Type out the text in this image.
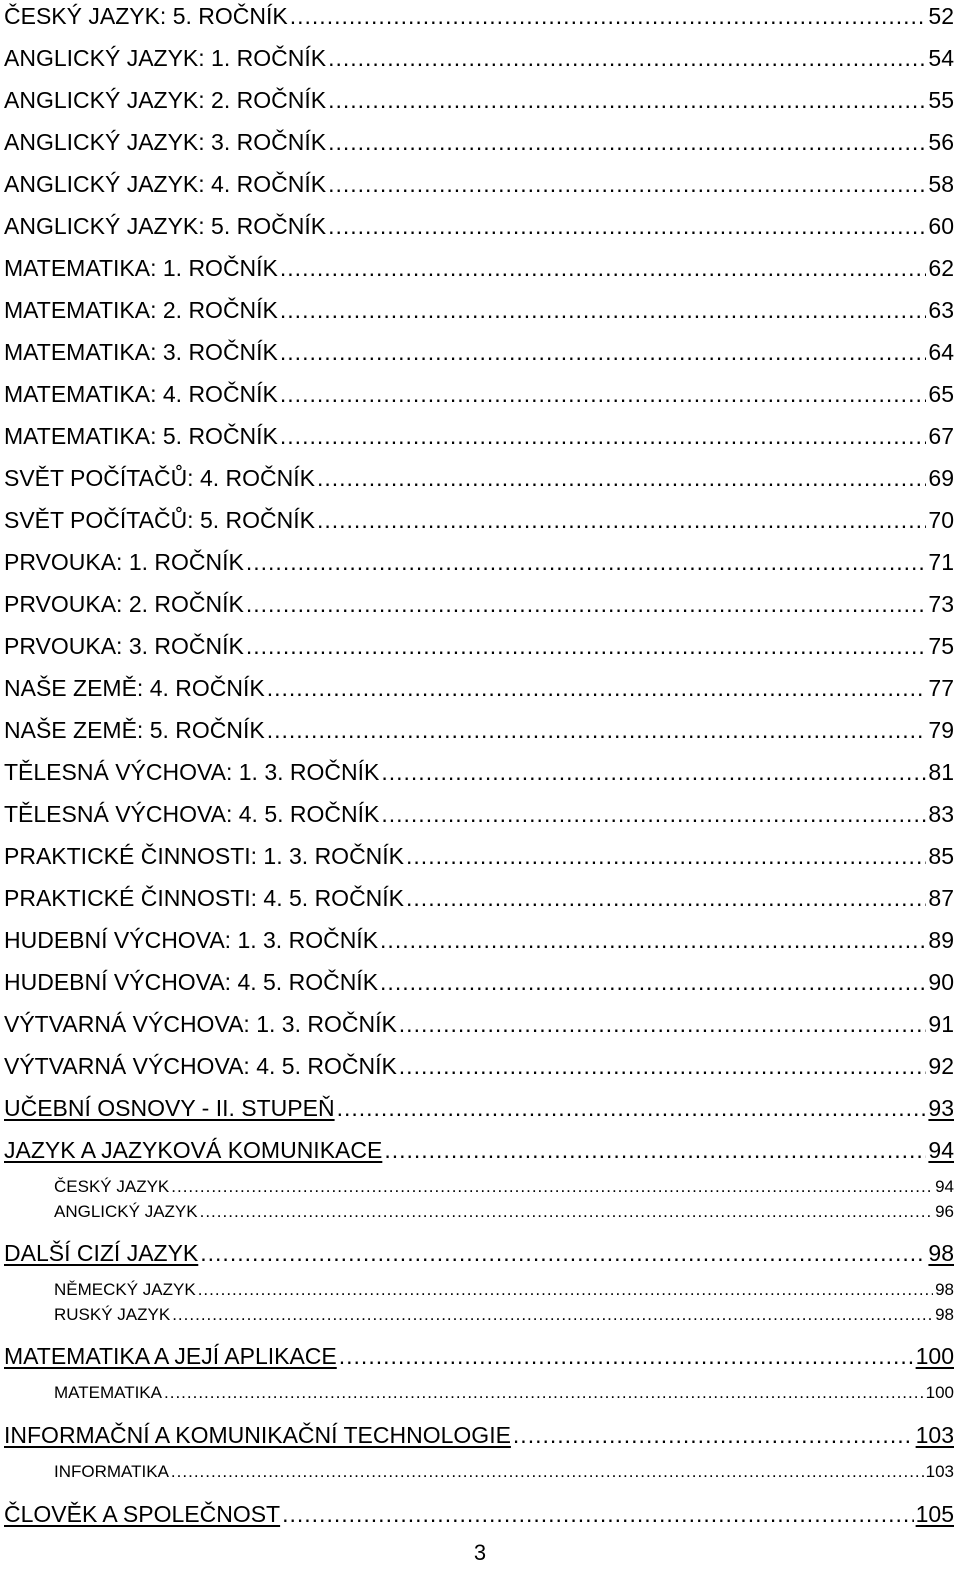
ČESKÝ JAZYK: 5. ROČNÍK .....	52
ANGLICKÝ JAZYK: 1. ROČNÍK .....	54
ANGLICKÝ JAZYK: 2. ROČNÍK .....	55
ANGLICKÝ JAZYK: 3. ROČNÍK .....	56
ANGLICKÝ JAZYK: 4. ROČNÍK .....	58
ANGLICKÝ JAZYK: 5. ROČNÍK .....	60
MATEMATIKA: 1. ROČNÍK .....	62
MATEMATIKA: 2. ROČNÍK .....	63
MATEMATIKA: 3. ROČNÍK .....	64
MATEMATIKA: 4. ROČNÍK .....	65
MATEMATIKA: 5. ROČNÍK .....	67
SVĚT POČÍTAČŮ: 4. ROČNÍK .....	69
SVĚT POČÍTAČŮ: 5. ROČNÍK .....	70
PRVOUKA: 1. ROČNÍK .....	71
PRVOUKA: 2. ROČNÍK .....	73
PRVOUKA: 3. ROČNÍK .....	75
NAŠE ZEMĚ: 4. ROČNÍK .....	77
NAŠE ZEMĚ: 5. ROČNÍK .....	79
TĚLESNÁ VÝCHOVA: 1. 3. ROČNÍK .....	81
TĚLESNÁ VÝCHOVA: 4. 5. ROČNÍK .....	83
PRAKTICKÉ ČINNOSTI: 1. 3. ROČNÍK .....	85
PRAKTICKÉ ČINNOSTI: 4. 5. ROČNÍK .....	87
HUDEBNÍ VÝCHOVA: 1. 3. ROČNÍK .....	89
HUDEBNÍ VÝCHOVA: 4. 5. ROČNÍK .....	90
VÝTVARNÁ VÝCHOVA: 1. 3. ROČNÍK .....	91
VÝTVARNÁ VÝCHOVA: 4. 5. ROČNÍK .....	92
UČEBNÍ OSNOVY - II. STUPEŇ .....	93
JAZYK A JAZYKOVÁ KOMUNIKACE .....	94
ČESKÝ JAZYK .....	94
ANGLICKÝ JAZYK .....	96
DALŠÍ CIZÍ JAZYK .....	98
NĚMECKÝ JAZYK .....	98
RUSKÝ JAZYK .....	98
MATEMATIKA A JEJÍ APLIKACE .....	100
MATEMATIKA .....	100
INFORMAČNÍ A KOMUNIKAČNÍ TECHNOLOGIE .....	103
INFORMATIKA .....	103
ČLOVĚK A SPOLEČNOST .....	105
3
